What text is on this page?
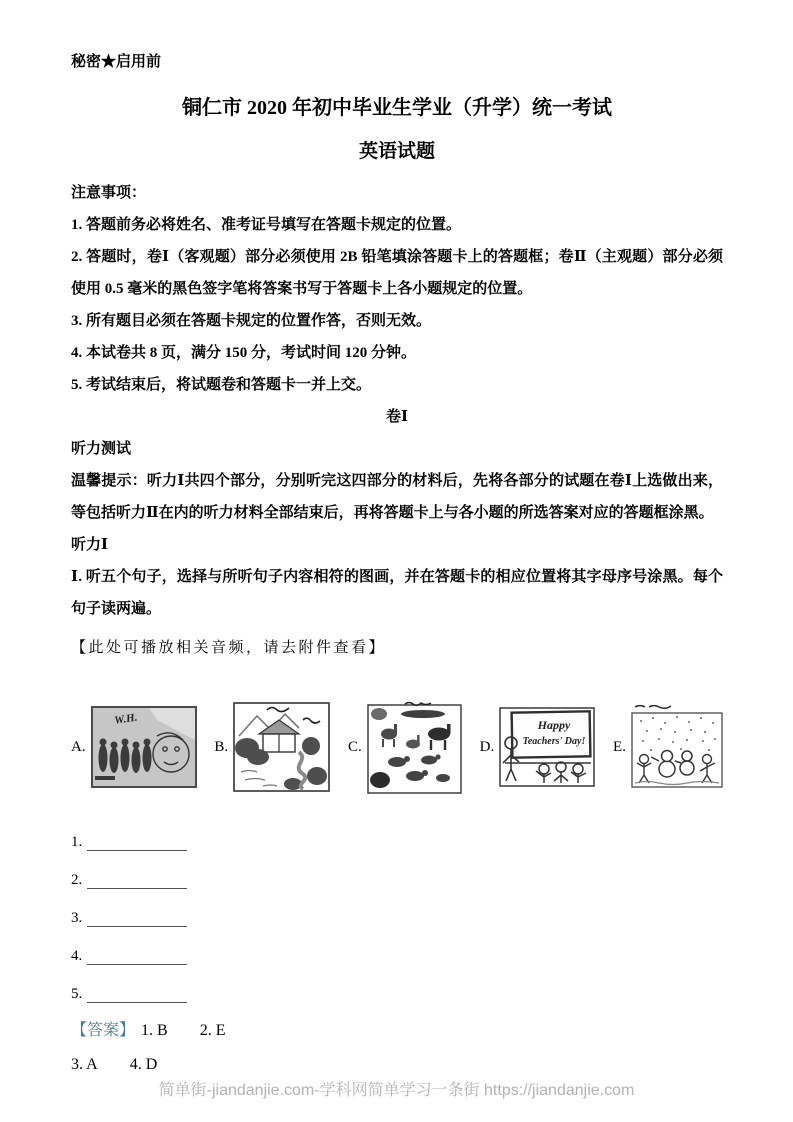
秘密★启用前
铜仁市 2020 年初中毕业生学业（升学）统一考试
英语试题
注意事项：
1. 答题前务必将姓名、准考证号填写在答题卡规定的位置。
2. 答题时，卷Ⅰ（客观题）部分必须使用 2B 铅笔填涂答题卡上的答题框；卷Ⅱ（主观题）部分必须使用 0.5 毫米的黑色签字笔将答案书写于答题卡上各小题规定的位置。
3. 所有题目必须在答题卡规定的位置作答，否则无效。
4. 本试卷共 8 页，满分 150 分，考试时间 120 分钟。
5. 考试结束后，将试题卷和答题卡一并上交。
卷Ⅰ
听力测试
温馨提示：听力Ⅰ共四个部分，分别听完这四部分的材料后，先将各部分的试题在卷Ⅰ上选做出来，等包括听力Ⅱ在内的听力材料全部结束后，再将答题卡上与各小题的所选答案对应的答题框涂黑。
听力Ⅰ
Ⅰ. 听五个句子，选择与所听句子内容相符的图画，并在答题卡的相应位置将其字母序号涂黑。每个句子读两遍。
【此处可播放相关音频，请去附件查看】
A.
W.H.
B.	C.	D.
Happy
Teachers' Day! E.
1.
2.
3.
4.
5.
【答案】 1. B 2. E
3. A 4. D
简单街-jiandanjie.com-学科网简单学习一条街 https://jiandanjie.com
